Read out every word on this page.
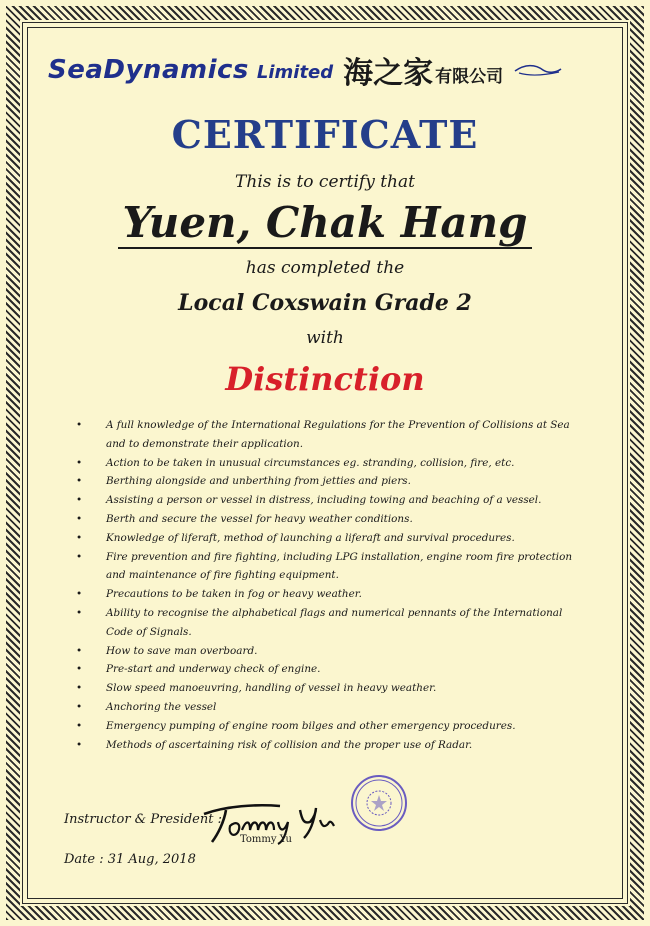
SeaDynamics Limited 海之家 有限公司
CERTIFICATE
This is to certify that
Yuen, Chak Hang
has completed the
Local Coxswain Grade 2
with
Distinction
• A full knowledge of the International Regulations for the Prevention of Collisions at Sea and to demonstrate their application.
• Action to be taken in unusual circumstances eg. stranding, collision, fire, etc.
• Berthing alongside and unberthing from jetties and piers.
• Assisting a person or vessel in distress, including towing and beaching of a vessel.
• Berth and secure the vessel for heavy weather conditions.
• Knowledge of liferaft, method of launching a liferaft and survival procedures.
• Fire prevention and fire fighting, including LPG installation, engine room fire protection and maintenance of fire fighting equipment.
• Precautions to be taken in fog or heavy weather.
• Ability to recognise the alphabetical flags and numerical pennants of the International Code of Signals.
• How to save man overboard.
• Pre-start and underway check of engine.
• Slow speed manoeuvring, handling of vessel in heavy weather.
• Anchoring the vessel
• Emergency pumping of engine room bilges and other emergency procedures.
• Methods of ascertaining risk of collision and the proper use of Radar.
Instructor & President :
Tommy Yu
Date : 31 Aug, 2018
